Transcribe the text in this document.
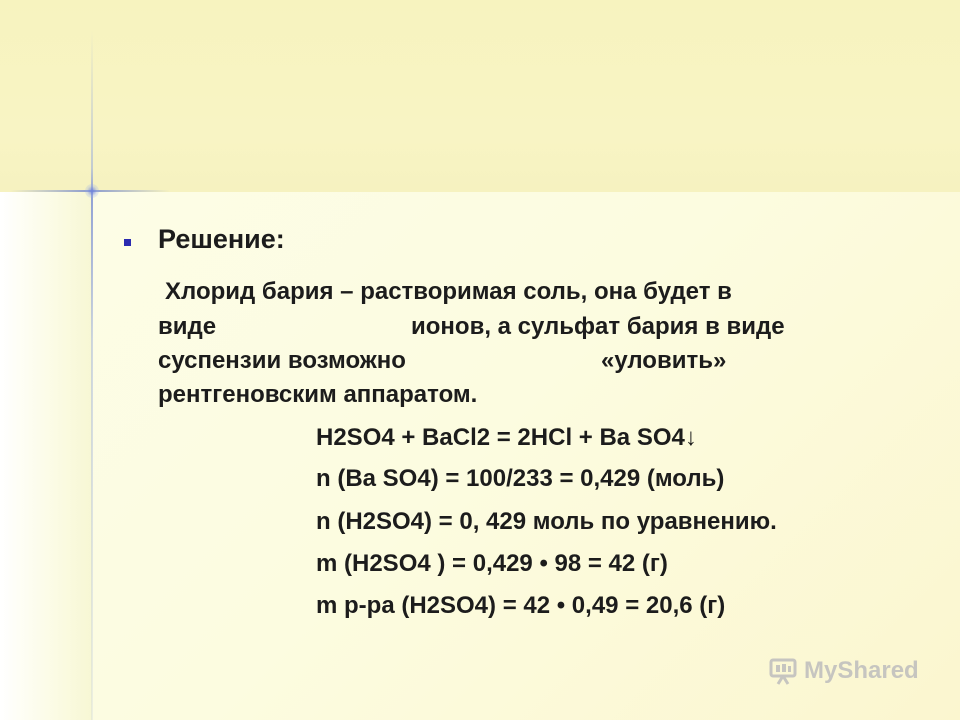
Решение:

Хлорид бария – растворимая соль, она будет в

виде	ионов, а сульфат бария в виде

суспензии возможно	«уловить»

рентгеновским аппаратом.

H2SO4 + BaCl2 = 2HCl + Ba SO4↓

n (Ba SO4) = 100/233 = 0,429 (моль)

n (H2SO4) = 0, 429 моль по уравнению.

m (H2SO4 ) = 0,429 • 98 = 42 (г)

m р-ра (H2SO4) = 42 • 0,49 = 20,6 (г)

MyShared
